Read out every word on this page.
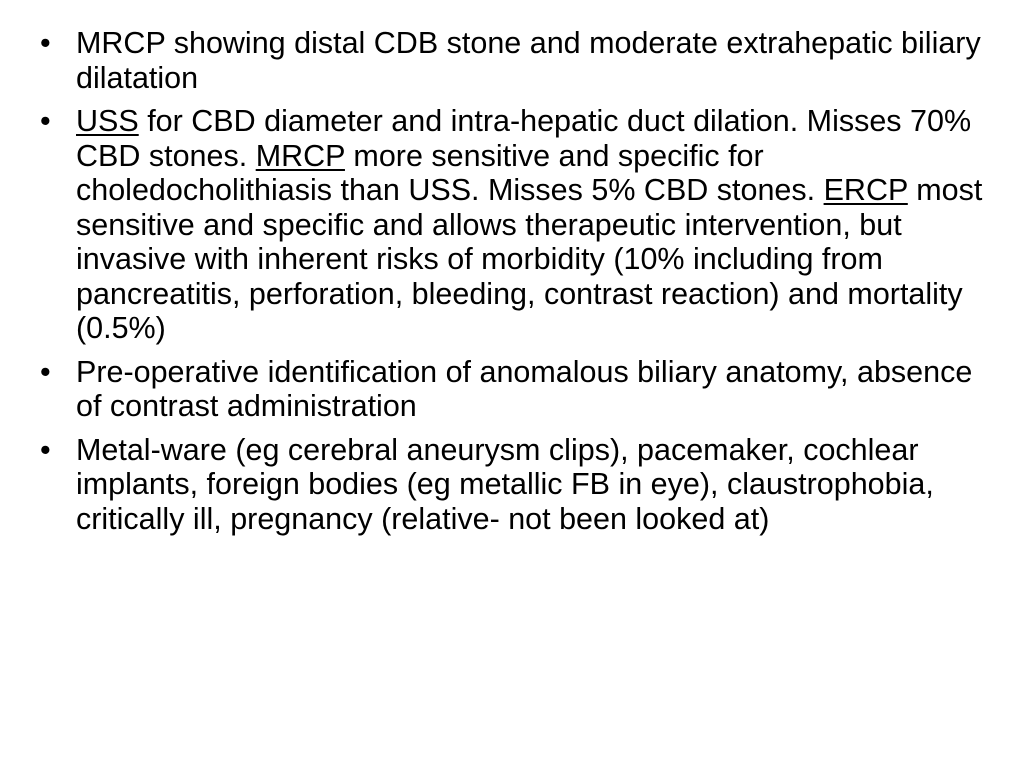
• MRCP showing distal CDB stone and moderate extrahepatic biliary dilatation
• USS for CBD diameter and intra-hepatic duct dilation. Misses 70% CBD stones. MRCP more sensitive and specific for choledocholithiasis than USS. Misses 5% CBD stones. ERCP most sensitive and specific and allows therapeutic intervention, but invasive with inherent risks of morbidity (10% including from pancreatitis, perforation, bleeding, contrast reaction) and mortality (0.5%)
• Pre-operative identification of anomalous biliary anatomy, absence of contrast administration
• Metal-ware (eg cerebral aneurysm clips), pacemaker, cochlear implants, foreign bodies (eg metallic FB in eye), claustrophobia, critically ill, pregnancy (relative- not been looked at)
